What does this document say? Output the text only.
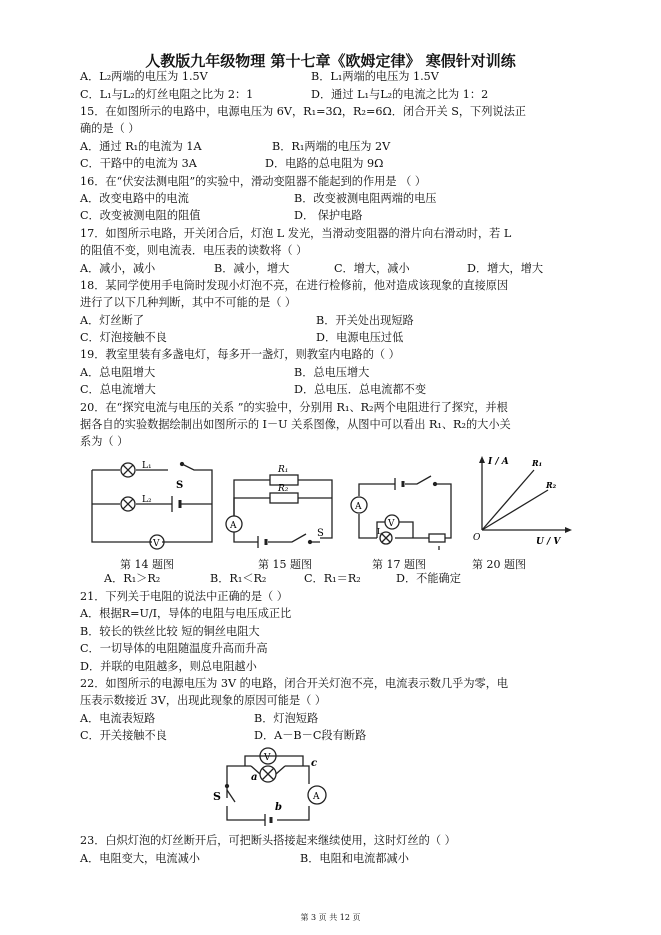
人教版九年级物理 第十七章《欧姆定律》 寒假针对训练
A．L₂两端的电压为 1.5V	B．L₁两端的电压为 1.5V
C．L₁与L₂的灯丝电阻之比为 2：1	D．通过 L₁与L₂的电流之比为 1：2
15．在如图所示的电路中，电源电压为 6V，R₁=3Ω，R₂=6Ω．闭合开关 S，下列说法正
确的是（ ）
A．通过 R₁的电流为 1A	B．R₁两端的电压为 2V
C．干路中的电流为 3A	D．电路的总电阻为 9Ω
16．在“伏安法测电阻”的实验中，滑动变阻器不能起到的作用是 （ ）
A．改变电路中的电流	B．改变被测电阻两端的电压
C．改变被测电阻的阻值	D． 保护电路
17．如图所示电路，开关闭合后，灯泡 L 发光，当滑动变阻器的滑片向右滑动时，若 L
的阻值不变，则电流表．电压表的读数将（ ）
A．减小，减小	B．减小，增大	C．增大，减小	D．增大，增大
18．某同学使用手电筒时发现小灯泡不亮，在进行检修前，他对造成该现象的直接原因
进行了以下几种判断，其中不可能的是（ ）
A．灯丝断了	B．开关处出现短路
C．灯泡接触不良	D．电源电压过低
19．教室里装有多盏电灯，每多开一盏灯，则教室内电路的（ ）
A．总电阻增大	B．总电压增大
C．总电流增大	D．总电压．总电流都不变
20．在“探究电流与电压的关系 ”的实验中，分别用 R₁、R₂两个电阻进行了探究，并根
据各自的实验数据绘制出如图所示的 I－U 关系图像，从图中可以看出 R₁、R₂的大小关
系为（ ）
L₁
L₂
S
V
第 14 题图
R₁
R₂
A
S
第 15 题图
A
V
L
第 17 题图
I / A
U / V
O
R₁
R₂
第 20 题图
A．R₁＞R₂	B．R₁＜R₂	C．R₁＝R₂	D．不能确定
21．下列关于电阻的说法中正确的是（ ）
A．根据R=U/I，导体的电阻与电压成正比
B．较长的铁丝比较 短的铜丝电阻大
C．一切导体的电阻随温度升高而升高
D．并联的电阻越多，则总电阻越小
22．如图所示的电源电压为 3V 的电路，闭合开关灯泡不亮，电流表示数几乎为零，电
压表示数接近 3V，出现此现象的原因可能是（ ）
A．电流表短路	B．灯泡短路
C．开关接触不良	D．A－B－C段有断路
V
A
a
b
c
S
23．白炽灯泡的灯丝断开后，可把断头搭接起来继续使用，这时灯丝的（ ）
A．电阻变大，电流减小	B．电阻和电流都减小
第 3 页 共 12 页
